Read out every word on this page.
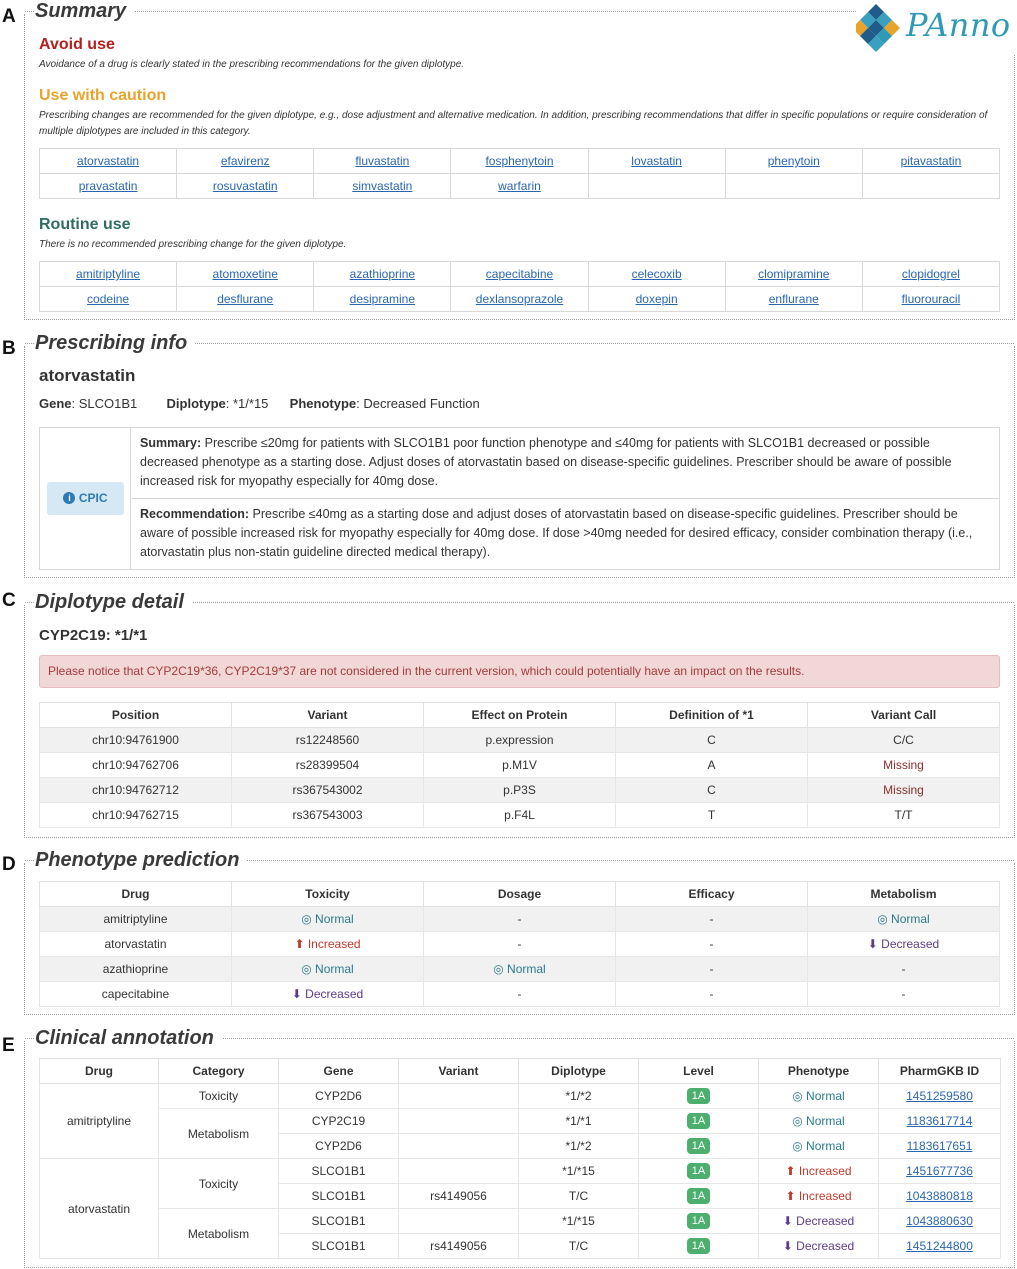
A Summary
Avoid use
Avoidance of a drug is clearly stated in the prescribing recommendations for the given diplotype.
Use with caution
Prescribing changes are recommended for the given diplotype, e.g., dose adjustment and alternative medication. In addition, prescribing recommendations that differ in specific populations or require consideration of multiple diplotypes are included in this category.
atorvastatin	efavirenz	fluvastatin	fosphenytoin	lovastatin	phenytoin	pitavastatin
pravastatin	rosuvastatin	simvastatin	warfarin			
Routine use
There is no recommended prescribing change for the given diplotype.
amitriptyline	atomoxetine	azathioprine	capecitabine	celecoxib	clomipramine	clopidogrel
codeine	desflurane	desipramine	dexlansoprazole	doxepin	enflurane	fluorouracil
PAnno
B Prescribing info
atorvastatin
Gene: SLCO1B1 Diplotype: *1/*15 Phenotype: Decreased Function
i CPIC
Summary: Prescribe ≤20mg for patients with SLCO1B1 poor function phenotype and ≤40mg for patients with SLCO1B1 decreased or possible decreased phenotype as a starting dose. Adjust doses of atorvastatin based on disease-specific guidelines. Prescriber should be aware of possible increased risk for myopathy especially for 40mg dose.
Recommendation: Prescribe ≤40mg as a starting dose and adjust doses of atorvastatin based on disease-specific guidelines. Prescriber should be aware of possible increased risk for myopathy especially for 40mg dose. If dose >40mg needed for desired efficacy, consider combination therapy (i.e., atorvastatin plus non-statin guideline directed medical therapy).
C Diplotype detail
CYP2C19: *1/*1
Please notice that CYP2C19*36, CYP2C19*37 are not considered in the current version, which could potentially have an impact on the results.
Position	Variant	Effect on Protein	Definition of *1	Variant Call
chr10:94761900	rs12248560	p.expression	C	C/C
chr10:94762706	rs28399504	p.M1V	A	Missing
chr10:94762712	rs367543002	p.P3S	C	Missing
chr10:94762715	rs367543003	p.F4L	T	T/T
D Phenotype prediction
Drug	Toxicity	Dosage	Efficacy	Metabolism
amitriptyline	◎ Normal	-	-	◎ Normal
atorvastatin	⬆ Increased	-	-	⬇ Decreased
azathioprine	◎ Normal	◎ Normal	-	-
capecitabine	⬇ Decreased	-	-	-
E Clinical annotation
Drug	Category	Gene	Variant	Diplotype	Level	Phenotype	PharmGKB ID
amitriptyline	Toxicity	CYP2D6		*1/*2	1A	◎ Normal	1451259580
	Metabolism	CYP2C19		*1/*1	1A	◎ Normal	1183617714
		CYP2D6		*1/*2	1A	◎ Normal	1183617651
atorvastatin	Toxicity	SLCO1B1		*1/*15	1A	⬆ Increased	1451677736
		SLCO1B1	rs4149056	T/C	1A	⬆ Increased	1043880818
	Metabolism	SLCO1B1		*1/*15	1A	⬇ Decreased	1043880630
		SLCO1B1	rs4149056	T/C	1A	⬇ Decreased	1451244800
